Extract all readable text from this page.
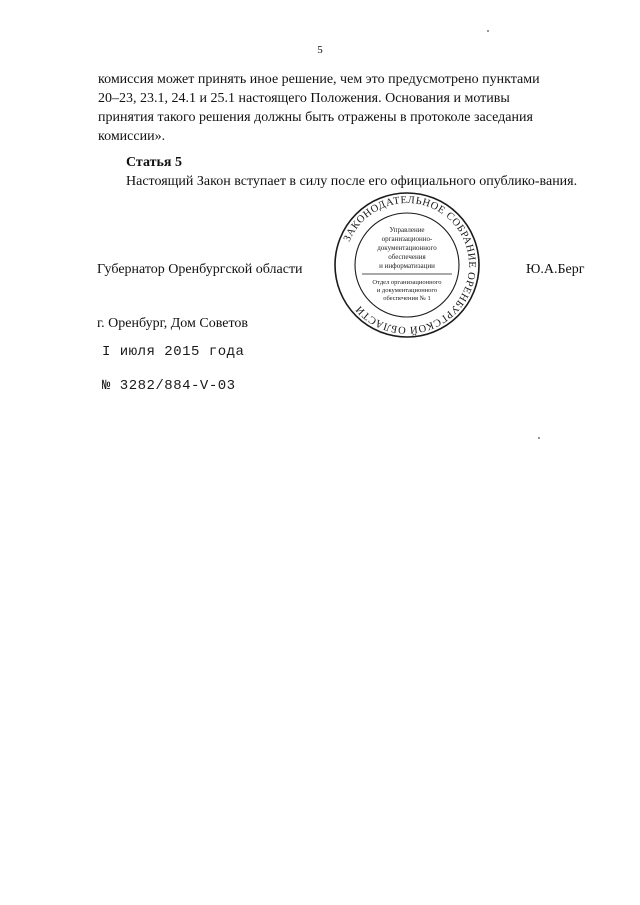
5

комиссия может принять иное решение, чем это предусмотрено пунктами

20–23, 23.1, 24.1 и 25.1 настоящего Положения. Основания и мотивы

принятия такого решения должны быть отражены в протоколе заседания

комиссии».

Статья 5
Настоящий Закон вступает в силу после его официального опублико-вания.
ЗАКОНОДАТЕЛЬНОЕ СОБРАНИЕ ОРЕНБУРГСКОЙ ОБЛАСТИ
Управление
организационно-
документационного
обеспечения
и информатизации
Отдел организационного
и документационного
обеспечения № 1
Губернатор Оренбургской области	Ю.А.Берг
г. Оренбург, Дом Советов
I июля 2015 года
№ 3282/884-V-03
